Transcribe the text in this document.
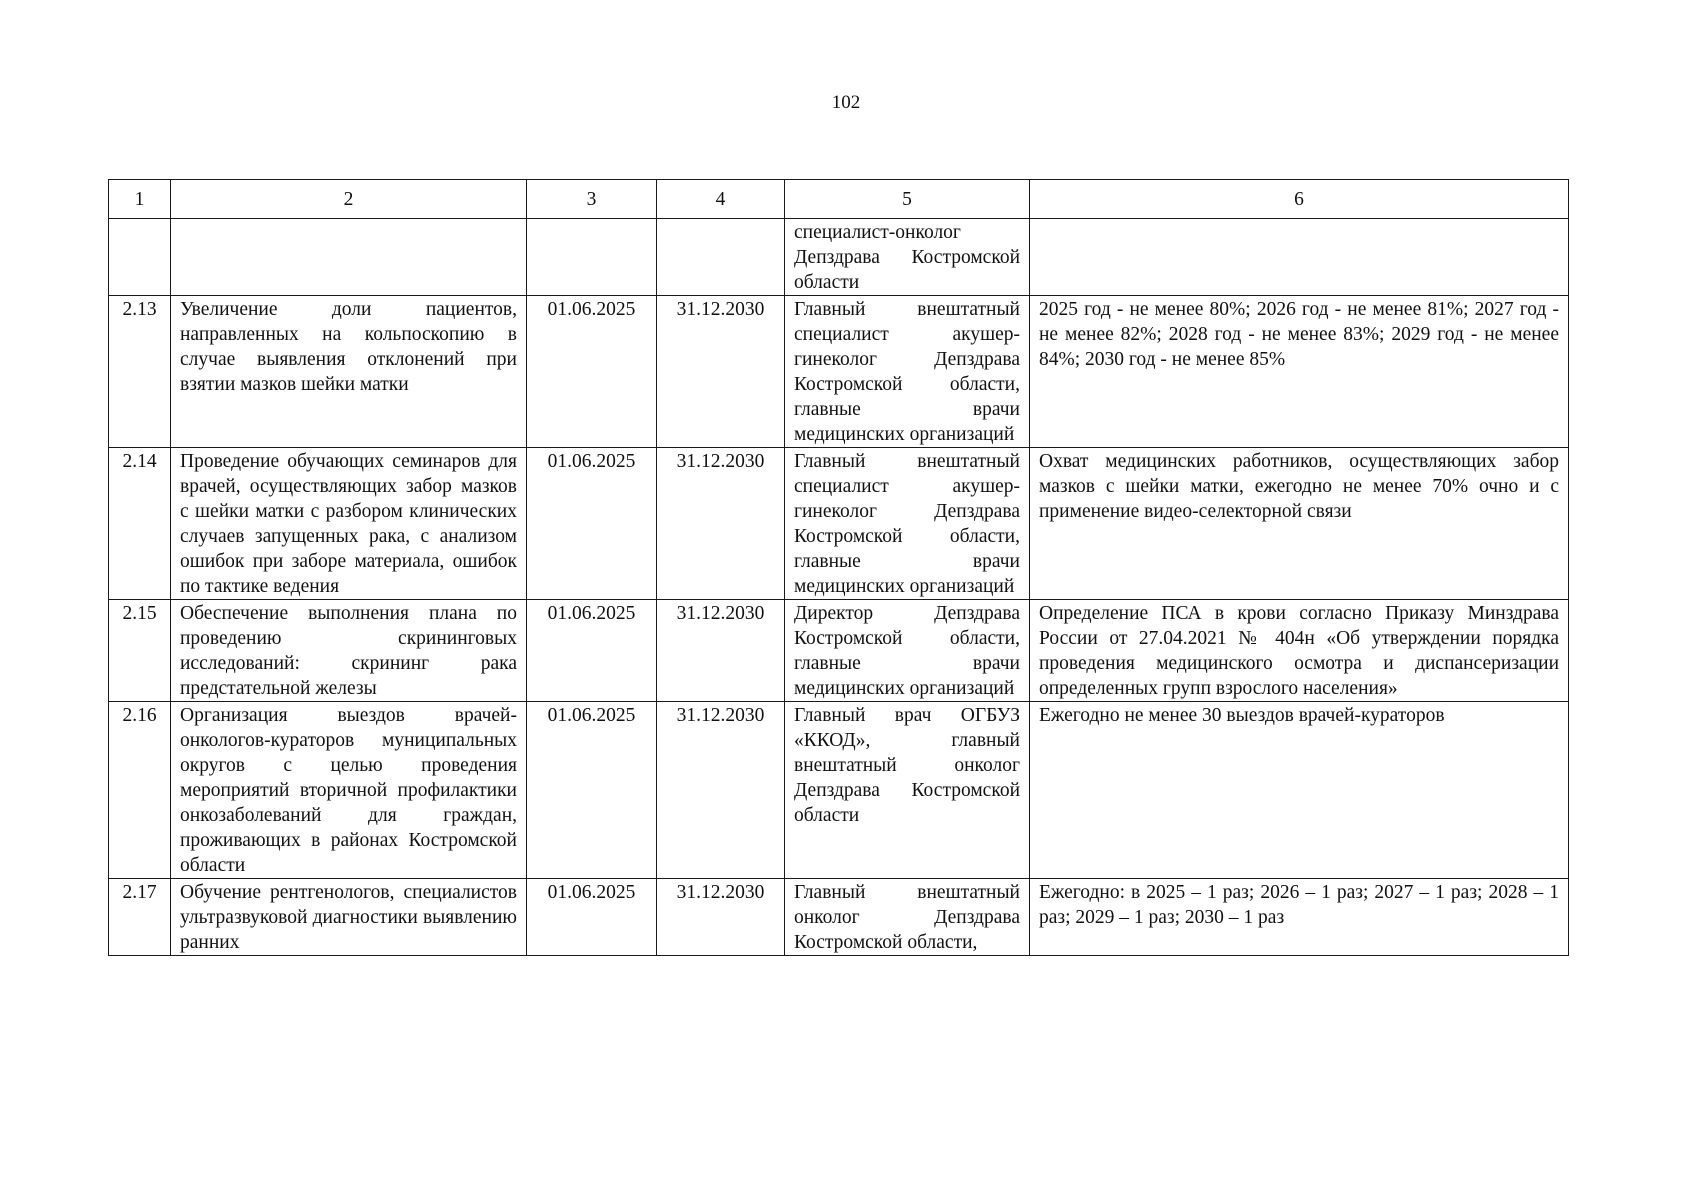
102
1	2	3	4	5	6
				специалист-онколог Депздрава Костромской области	
2.13	Увеличение доли пациентов, направленных на кольпоскопию в случае выявления отклонений при взятии мазков шейки матки	01.06.2025	31.12.2030	Главный внештатный специалист акушер-гинеколог Депздрава Костромской области, главные врачи медицинских организаций	2025 год - не менее 80%; 2026 год - не менее 81%; 2027 год - не менее 82%; 2028 год - не менее 83%; 2029 год - не менее 84%; 2030 год - не менее 85%
2.14	Проведение обучающих семинаров для врачей, осуществляющих забор мазков с шейки матки с разбором клинических случаев запущенных рака, с анализом ошибок при заборе материала, ошибок по тактике ведения	01.06.2025	31.12.2030	Главный внештатный специалист акушер-гинеколог Депздрава Костромской области, главные врачи медицинских организаций	Охват медицинских работников, осуществляющих забор мазков с шейки матки, ежегодно не менее 70% очно и с применение видео-селекторной связи
2.15	Обеспечение выполнения плана по проведению скрининговых исследований: скрининг рака предстательной железы	01.06.2025	31.12.2030	Директор Депздрава Костромской области, главные врачи медицинских организаций	Определение ПСА в крови согласно Приказу Минздрава России от 27.04.2021 № 404н «Об утверждении порядка проведения медицинского осмотра и диспансеризации определенных групп взрослого населения»
2.16	Организация выездов врачей-онкологов-кураторов муниципальных округов с целью проведения мероприятий вторичной профилактики онкозаболеваний для граждан, проживающих в районах Костромской области	01.06.2025	31.12.2030	Главный врач ОГБУЗ «ККОД», главный внештатный онколог Депздрава Костромской области	Ежегодно не менее 30 выездов врачей-кураторов
2.17	Обучение рентгенологов, специалистов ультразвуковой диагностики выявлению ранних	01.06.2025	31.12.2030	Главный внештатный онколог Депздрава Костромской области,	Ежегодно: в 2025 – 1 раз; 2026 – 1 раз; 2027 – 1 раз; 2028 – 1 раз; 2029 – 1 раз; 2030 – 1 раз
